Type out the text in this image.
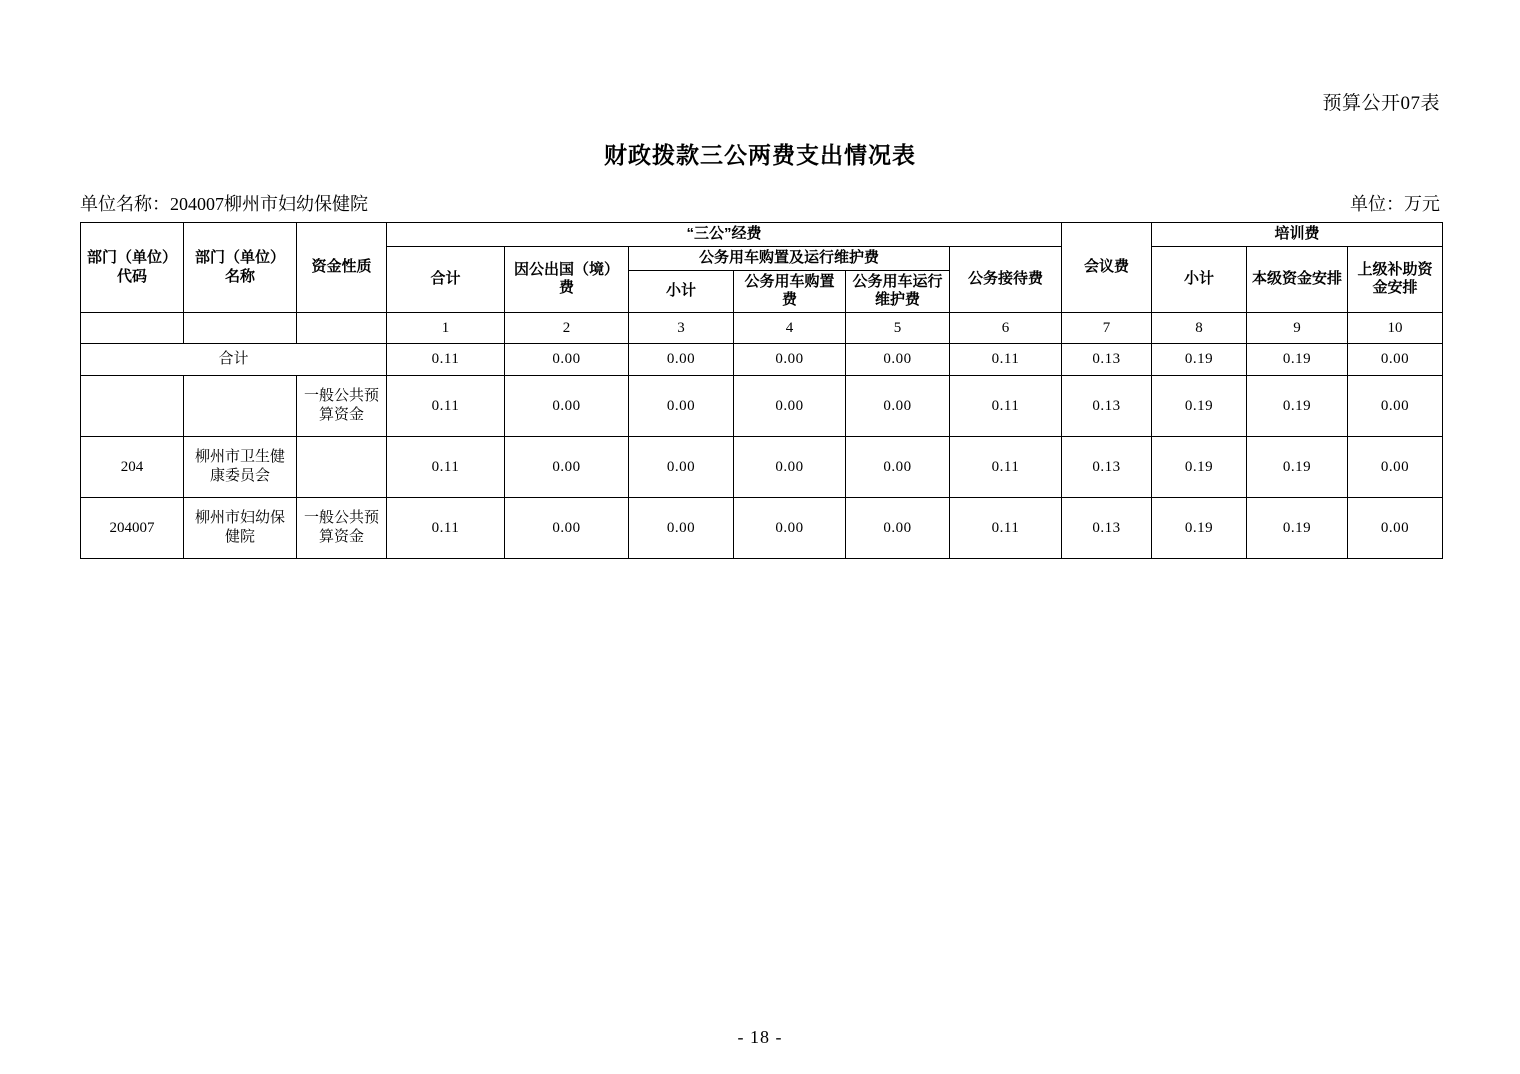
预算公开07表
财政拨款三公两费支出情况表
单位名称：204007柳州市妇幼保健院	单位：万元
部门（单位）代码	部门（单位）名称	资金性质	“三公”经费						会议费	培训费		
			合计	因公出国（境）费	公务用车购置及运行维护费			公务接待费		小计	本级资金安排	上级补助资金安排
					小计	公务用车购置费	公务用车运行维护费					
			1	2	3	4	5	6	7	8	9	10
合计			0.11	0.00	0.00	0.00	0.00	0.11	0.13	0.19	0.19	0.00
		一般公共预算资金	0.11	0.00	0.00	0.00	0.00	0.11	0.13	0.19	0.19	0.00
204	柳州市卫生健康委员会		0.11	0.00	0.00	0.00	0.00	0.11	0.13	0.19	0.19	0.00
204007	柳州市妇幼保健院	一般公共预算资金	0.11	0.00	0.00	0.00	0.00	0.11	0.13	0.19	0.19	0.00
- 18 -
